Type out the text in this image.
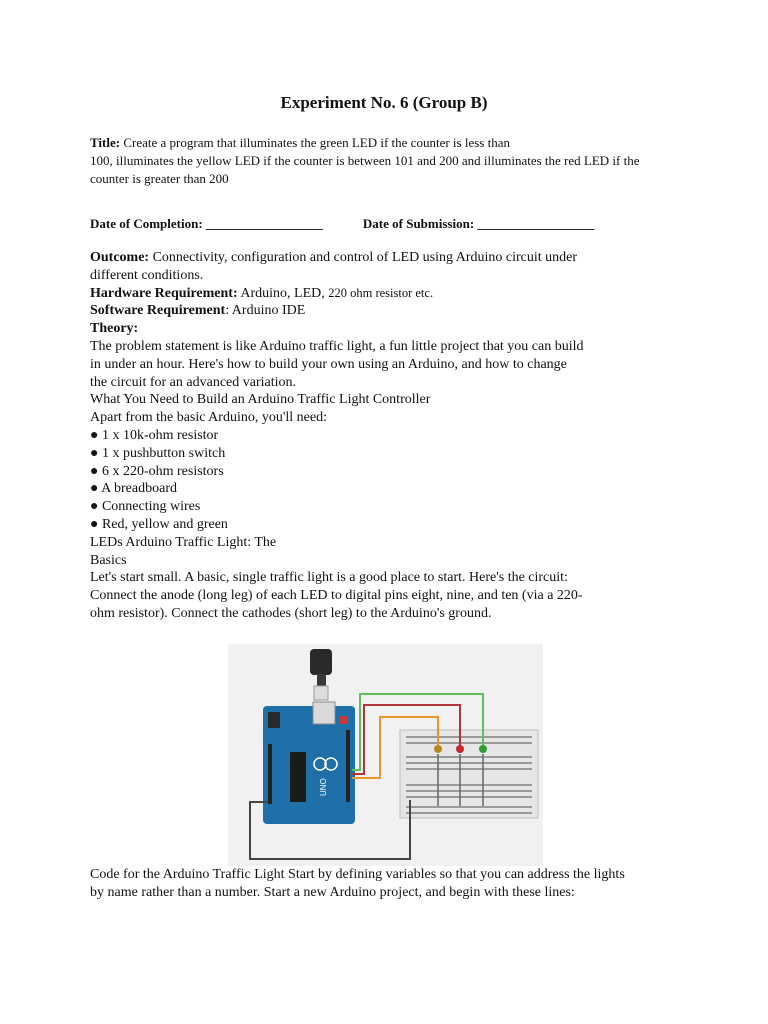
Experiment No. 6 (Group B)
Title: Create a program that illuminates the green LED if the counter is less than
100, illuminates the yellow LED if the counter is between 101 and 200 and illuminates the red LED if the
counter is greater than 200
Date of Completion: __________________	Date of Submission: __________________
Outcome: Connectivity, configuration and control of LED using Arduino circuit under
different conditions.
Hardware Requirement: Arduino, LED, 220 ohm resistor etc.
Software Requirement: Arduino IDE
Theory:
The problem statement is like Arduino traffic light, a fun little project that you can build
in under an hour. Here's how to build your own using an Arduino, and how to change
the circuit for an advanced variation.
What You Need to Build an Arduino Traffic Light Controller
Apart from the basic Arduino, you'll need:
● 1 x 10k-ohm resistor
● 1 x pushbutton switch
● 6 x 220-ohm resistors
● A breadboard
● Connecting wires
● Red, yellow and green
LEDs Arduino Traffic Light: The
Basics
Let's start small. A basic, single traffic light is a good place to start. Here's the circuit:
Connect the anode (long leg) of each LED to digital pins eight, nine, and ten (via a 220-
ohm resistor). Connect the cathodes (short leg) to the Arduino's ground.
UNO
Code for the Arduino Traffic Light Start by defining variables so that you can address the lights
by name rather than a number. Start a new Arduino project, and begin with these lines:
